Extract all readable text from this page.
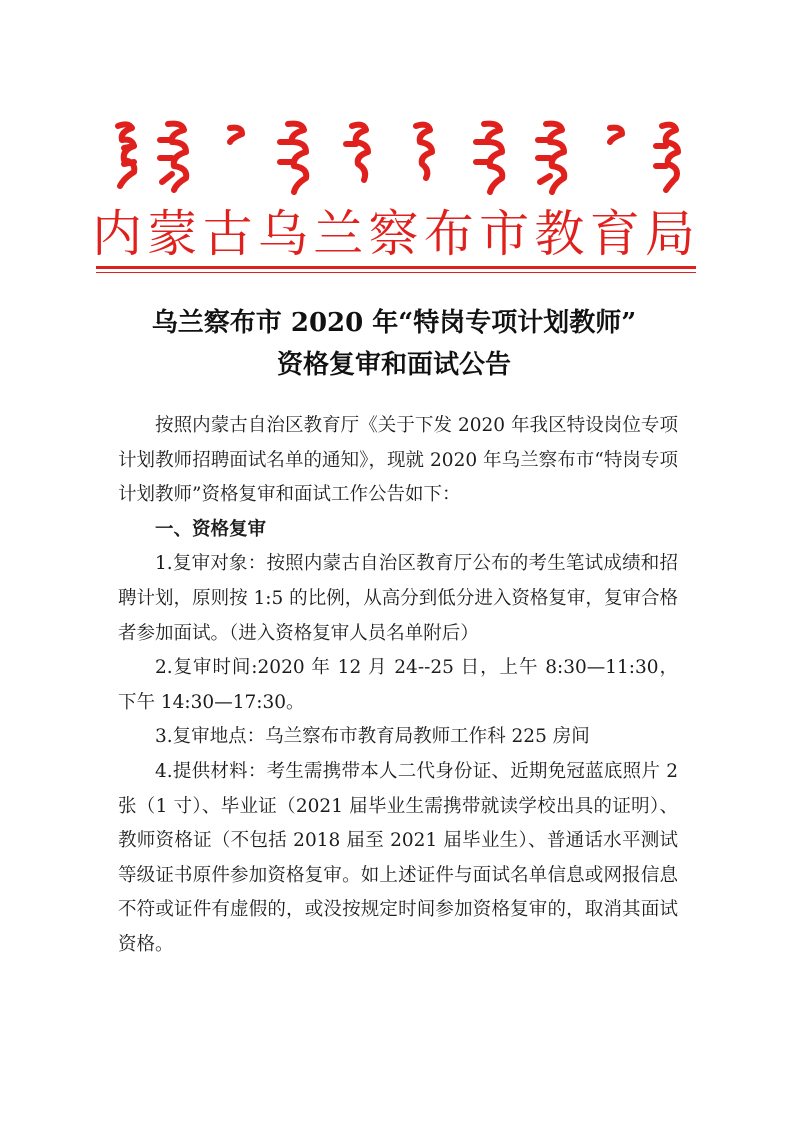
内蒙古乌兰察布市教育局
乌兰察布市 2020 年“特岗专项计划教师”
资格复审和面试公告

按照内蒙古自治区教育厅《关于下发 2020 年我区特设岗位专项计划教师招聘面试名单的通知》，现就 2020 年乌兰察布市“特岗专项计划教师”资格复审和面试工作公告如下：

一、资格复审

1.复审对象：按照内蒙古自治区教育厅公布的考生笔试成绩和招聘计划，原则按 1:5 的比例，从高分到低分进入资格复审，复审合格者参加面试。（进入资格复审人员名单附后）

2.复审时间:2020 年 12 月 24--25 日，上午 8:30—11:30，下午 14:30—17:30。

3.复审地点：乌兰察布市教育局教师工作科 225 房间

4.提供材料：考生需携带本人二代身份证、近期免冠蓝底照片 2 张（1 寸）、毕业证（2021 届毕业生需携带就读学校出具的证明）、教师资格证（不包括 2018 届至 2021 届毕业生）、普通话水平测试等级证书原件参加资格复审。如上述证件与面试名单信息或网报信息不符或证件有虚假的，或没按规定时间参加资格复审的，取消其面试资格。
